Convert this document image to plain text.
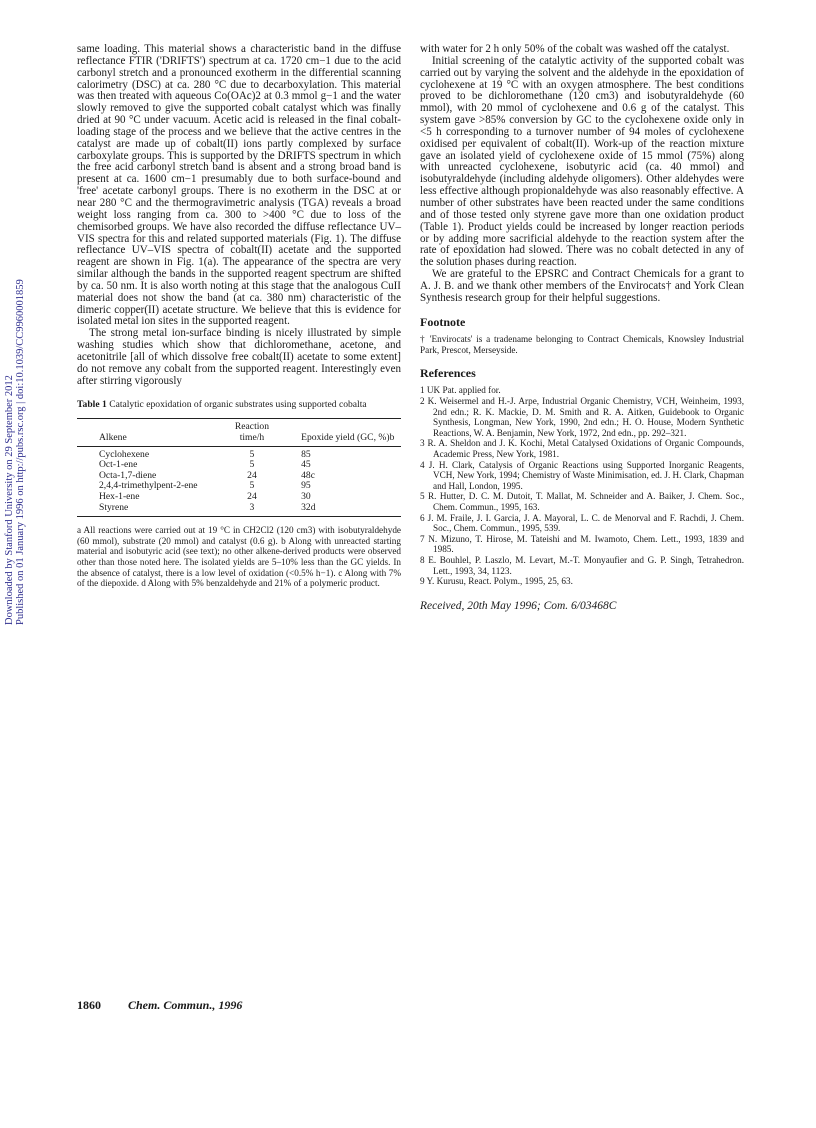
Downloaded by Stanford University on 29 September 2012 Published on 01 January 1996 on http://pubs.rsc.org | doi:10.1039/CC9960001859

same loading. This material shows a characteristic band in the diffuse reflectance FTIR ('DRIFTS') spectrum at ca. 1720 cm−1 due to the acid carbonyl stretch and a pronounced exotherm in the differential scanning calorimetry (DSC) at ca. 280 °C due to decarboxylation. This material was then treated with aqueous Co(OAc)2 at 0.3 mmol g−1 and the water slowly removed to give the supported cobalt catalyst which was finally dried at 90 °C under vacuum. Acetic acid is released in the final cobalt-loading stage of the process and we believe that the active centres in the catalyst are made up of cobalt(II) ions partly complexed by surface carboxylate groups. This is supported by the DRIFTS spectrum in which the free acid carbonyl stretch band is absent and a strong broad band is present at ca. 1600 cm−1 presumably due to both surface-bound and 'free' acetate carbonyl groups. There is no exotherm in the DSC at or near 280 °C and the thermogravimetric analysis (TGA) reveals a broad weight loss ranging from ca. 300 to >400 °C due to loss of the chemisorbed groups. We have also recorded the diffuse reflectance UV–VIS spectra for this and related supported materials (Fig. 1). The diffuse reflectance UV–VIS spectra of cobalt(II) acetate and the supported reagent are shown in Fig. 1(a). The appearance of the spectra are very similar although the bands in the supported reagent spectrum are shifted by ca. 50 nm. It is also worth noting at this stage that the analogous CuII material does not show the band (at ca. 380 nm) characteristic of the dimeric copper(II) acetate structure. We believe that this is evidence for isolated metal ion sites in the supported reagent.

The strong metal ion-surface binding is nicely illustrated by simple washing studies which show that dichloromethane, acetone, and acetonitrile [all of which dissolve free cobalt(II) acetate to some extent] do not remove any cobalt from the supported reagent. Interestingly even after stirring vigorously

Table 1 Catalytic epoxidation of organic substrates using supported cobalta
Alkene	Reaction time/h	Epoxide yield (GC, %)b
Cyclohexene	5	85
Oct-1-ene	5	45
Octa-1,7-diene	24	48c
2,4,4-trimethylpent-2-ene	5	95
Hex-1-ene	24	30
Styrene	3	32d
a All reactions were carried out at 19 °C in CH2Cl2 (120 cm3) with isobutyraldehyde (60 mmol), substrate (20 mmol) and catalyst (0.6 g). b Along with unreacted starting material and isobutyric acid (see text); no other alkene-derived products were observed other than those noted here. The isolated yields are 5–10% less than the GC yields. In the absence of catalyst, there is a low level of oxidation (<0.5% h−1). c Along with 7% of the diepoxide. d Along with 5% benzaldehyde and 21% of a polymeric product.

with water for 2 h only 50% of the cobalt was washed off the catalyst.

Initial screening of the catalytic activity of the supported cobalt was carried out by varying the solvent and the aldehyde in the epoxidation of cyclohexene at 19 °C with an oxygen atmosphere. The best conditions proved to be dichloromethane (120 cm3) and isobutyraldehyde (60 mmol), with 20 mmol of cyclohexene and 0.6 g of the catalyst. This system gave >85% conversion by GC to the cyclohexene oxide only in <5 h corresponding to a turnover number of 94 moles of cyclohexene oxidised per equivalent of cobalt(II). Work-up of the reaction mixture gave an isolated yield of cyclohexene oxide of 15 mmol (75%) along with unreacted cyclohexene, isobutyric acid (ca. 40 mmol) and isobutyraldehyde (including aldehyde oligomers). Other aldehydes were less effective although propionaldehyde was also reasonably effective. A number of other substrates have been reacted under the same conditions and of those tested only styrene gave more than one oxidation product (Table 1). Product yields could be increased by longer reaction periods or by adding more sacrificial aldehyde to the reaction system after the rate of epoxidation had slowed. There was no cobalt detected in any of the solution phases during reaction.

We are grateful to the EPSRC and Contract Chemicals for a grant to A. J. B. and we thank other members of the Envirocats† and York Clean Synthesis research group for their helpful suggestions.

Footnote
† 'Envirocats' is a tradename belonging to Contract Chemicals, Knowsley Industrial Park, Prescot, Merseyside.
References
1 UK Pat. applied for.
2 K. Weisermel and H.-J. Arpe, Industrial Organic Chemistry, VCH, Weinheim, 1993, 2nd edn.; R. K. Mackie, D. M. Smith and R. A. Aitken, Guidebook to Organic Synthesis, Longman, New York, 1990, 2nd edn.; H. O. House, Modern Synthetic Reactions, W. A. Benjamin, New York, 1972, 2nd edn., pp. 292–321.
3 R. A. Sheldon and J. K. Kochi, Metal Catalysed Oxidations of Organic Compounds, Academic Press, New York, 1981.
4 J. H. Clark, Catalysis of Organic Reactions using Supported Inorganic Reagents, VCH, New York, 1994; Chemistry of Waste Minimisation, ed. J. H. Clark, Chapman and Hall, London, 1995.
5 R. Hutter, D. C. M. Dutoit, T. Mallat, M. Schneider and A. Baiker, J. Chem. Soc., Chem. Commun., 1995, 163.
6 J. M. Fraile, J. I. Garcia, J. A. Mayoral, L. C. de Menorval and F. Rachdi, J. Chem. Soc., Chem. Commun., 1995, 539.
7 N. Mizuno, T. Hirose, M. Tateishi and M. Iwamoto, Chem. Lett., 1993, 1839 and 1985.
8 E. Bouhlel, P. Laszlo, M. Levart, M.-T. Monyaufier and G. P. Singh, Tetrahedron. Lett., 1993, 34, 1123.
9 Y. Kurusu, React. Polym., 1995, 25, 63.
Received, 20th May 1996; Com. 6/03468C
1860 Chem. Commun., 1996
